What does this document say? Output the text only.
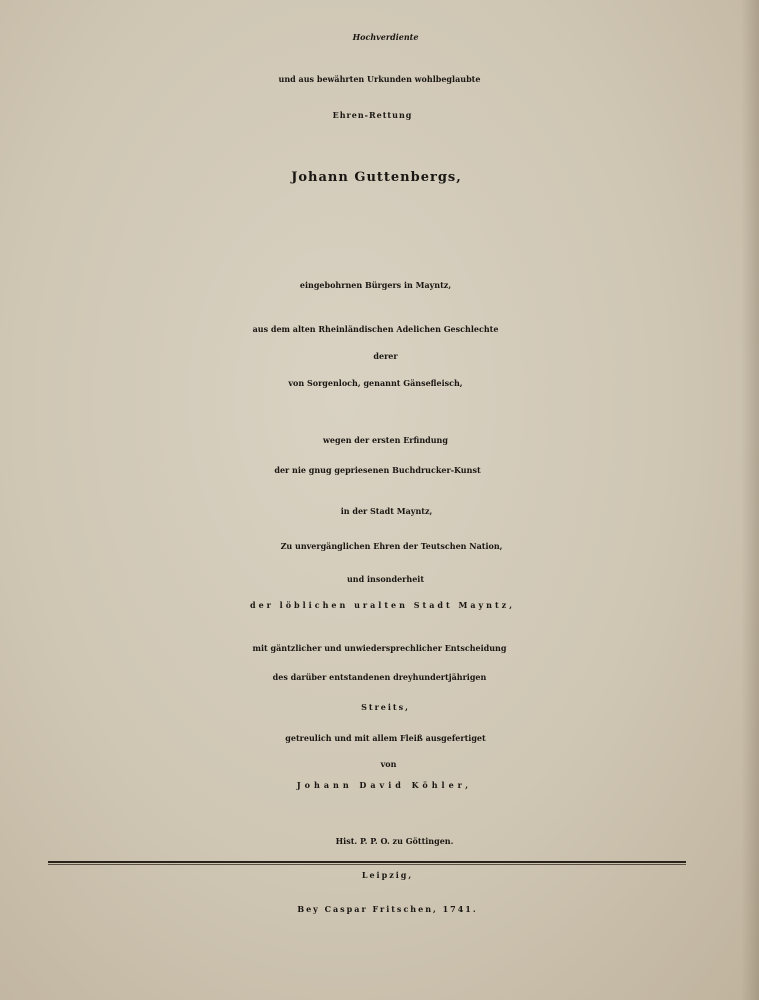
Hochverdiente
und aus bewährten Urkunden wohlbeglaubte
Ehren-Rettung
Johann Guttenbergs,
eingebohrnen Bürgers in Mayntz,
aus dem alten Rheinländischen Adelichen Geschlechte
derer
von Sorgenloch, genannt Gänsefleisch,
wegen der ersten Erfindung
der nie gnug gepriesenen Buchdrucker-Kunst
in der Stadt Mayntz,
Zu unvergänglichen Ehren der Teutschen Nation,
und insonderheit
der löblichen uralten Stadt Mayntz,
mit gäntzlicher und unwiedersprechlicher Entscheidung
des darüber entstandenen dreyhundertjährigen
Streits,
getreulich und mit allem Fleiß ausgefertiget
von
Johann David Köhler,
Hist. P. P. O. zu Göttingen.
Leipzig,
Bey Caspar Fritschen, 1741.
